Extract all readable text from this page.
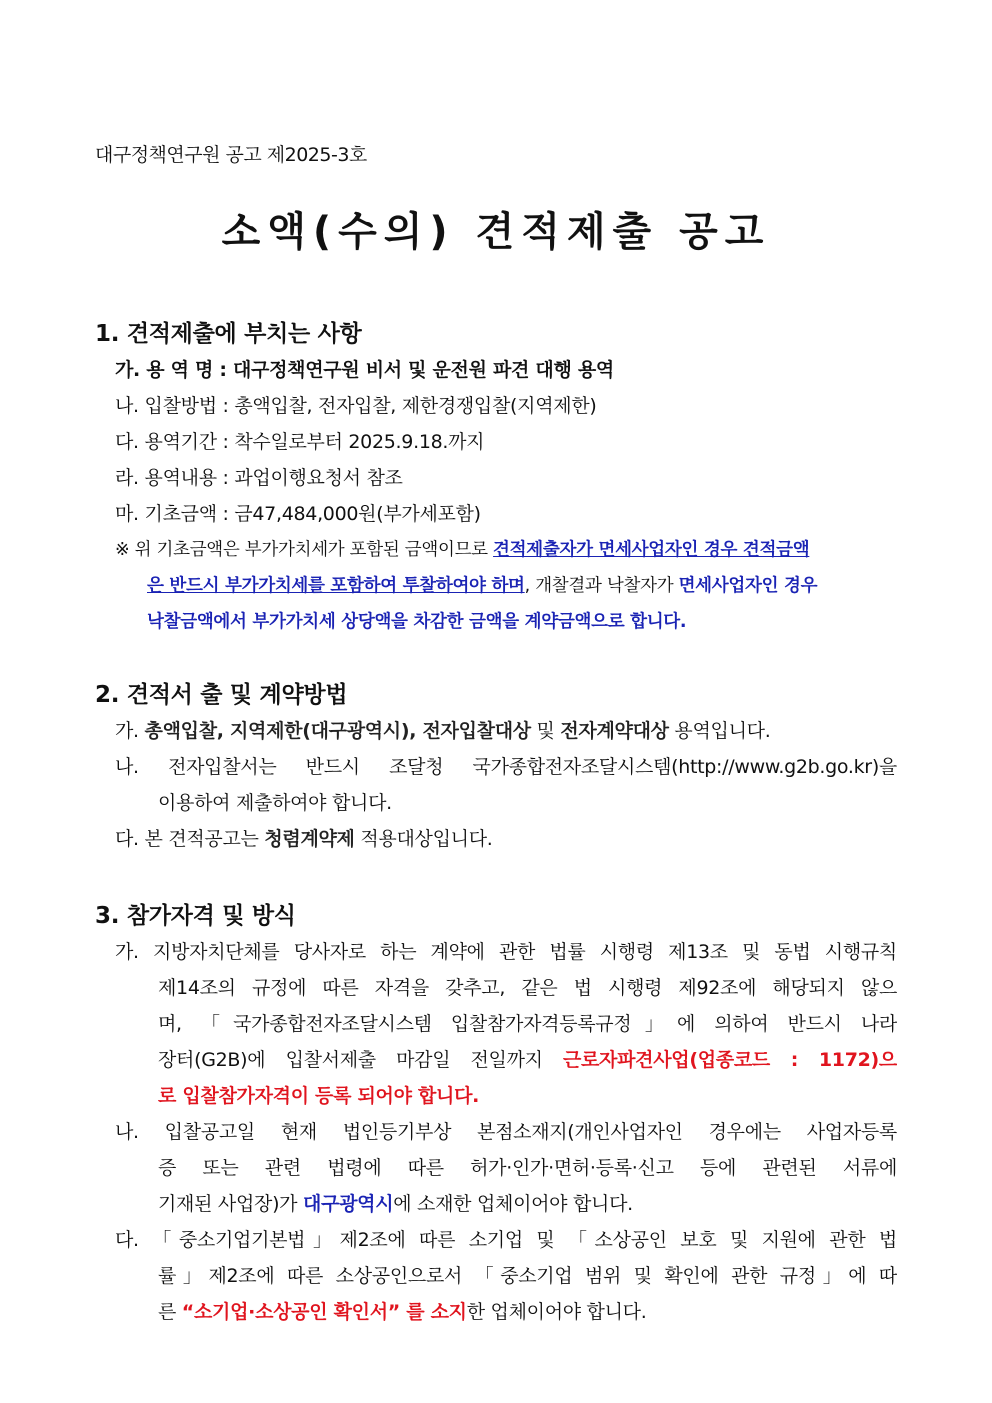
대구정책연구원 공고 제2025-3호
소액(수의) 견적제출 공고
1. 견적제출에 부치는 사항
가. 용 역 명 : 대구정책연구원 비서 및 운전원 파견 대행 용역
나. 입찰방법 : 총액입찰, 전자입찰, 제한경쟁입찰(지역제한)
다. 용역기간 : 착수일로부터 2025.9.18.까지
라. 용역내용 : 과업이행요청서 참조
마. 기초금액 : 금47,484,000원(부가세포함)
※ 위 기초금액은 부가가치세가 포함된 금액이므로 견적제출자가 면세사업자인 경우 견적금액
은 반드시 부가가치세를 포함하여 투찰하여야 하며, 개찰결과 낙찰자가 면세사업자인 경우
낙찰금액에서 부가가치세 상당액을 차감한 금액을 계약금액으로 합니다.
2. 견적서 출 및 계약방법
가. 총액입찰, 지역제한(대구광역시), 전자입찰대상 및 전자계약대상 용역입니다.
나. 전자입찰서는 반드시 조달청 국가종합전자조달시스템(http://www.g2b.go.kr)을
이용하여 제출하여야 합니다.
다. 본 견적공고는 청렴계약제 적용대상입니다.
3. 참가자격 및 방식
가. 지방자치단체를 당사자로 하는 계약에 관한 법률 시행령 제13조 및 동법 시행규칙
제14조의 규정에 따른 자격을 갖추고, 같은 법 시행령 제92조에 해당되지 않으
며, 「국가종합전자조달시스템 입찰참가자격등록규정」에 의하여 반드시 나라
장터(G2B)에 입찰서제출 마감일 전일까지 근로자파견사업(업종코드 : 1172)으
로 입찰참가자격이 등록 되어야 합니다.
나. 입찰공고일 현재 법인등기부상 본점소재지(개인사업자인 경우에는 사업자등록
증 또는 관련 법령에 따른 허가·인가·면허·등록·신고 등에 관련된 서류에
기재된 사업장)가 대구광역시에 소재한 업체이어야 합니다.
다. 「중소기업기본법」제2조에 따른 소기업 및 「소상공인 보호 및 지원에 관한 법
률」제2조에 따른 소상공인으로서 「중소기업 범위 및 확인에 관한 규정」에 따
른 “소기업·소상공인 확인서” 를 소지한 업체이어야 합니다.
